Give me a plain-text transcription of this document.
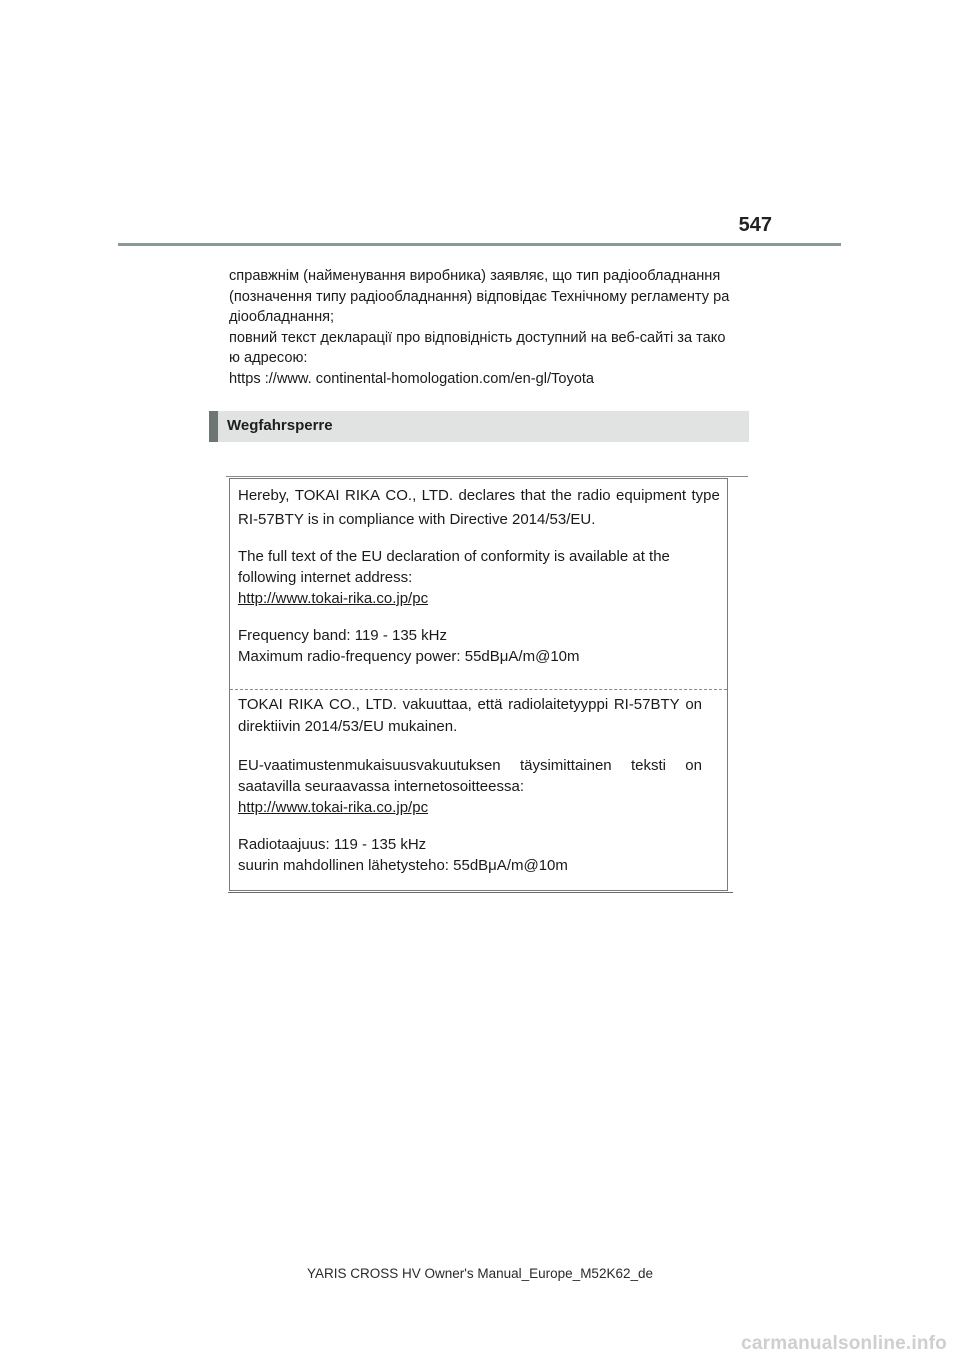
547
справжнім (найменування виробника) заявляє, що тип радіообладнання
(позначення типу радіообладнання) відповідає Технічному регламенту ра
діообладнання;
повний текст декларації про відповідність доступний на веб-сайті за тако
ю адресою:
https ://www. continental-homologation.com/en-gl/Toyota
Wegfahrsperre
Hereby, TOKAI RIKA CO., LTD. declares that the radio equipment type
RI-57BTY is in compliance with Directive 2014/53/EU.
The full text of the EU declaration of conformity is available at the
following internet address:
http://www.tokai-rika.co.jp/pc
Frequency band: 119 - 135 kHz
Maximum radio-frequency power: 55dBμA/m@10m
TOKAI RIKA CO., LTD. vakuuttaa, että radiolaitetyyppi RI-57BTY on
direktiivin 2014/53/EU mukainen.
EU-vaatimustenmukaisuusvakuutuksen täysimittainen teksti on
saatavilla seuraavassa internetosoitteessa:
http://www.tokai-rika.co.jp/pc
Radiotaajuus: 119 - 135 kHz
suurin mahdollinen lähetysteho: 55dBμA/m@10m
YARIS CROSS HV Owner's Manual_Europe_M52K62_de
carmanualsonline.info
